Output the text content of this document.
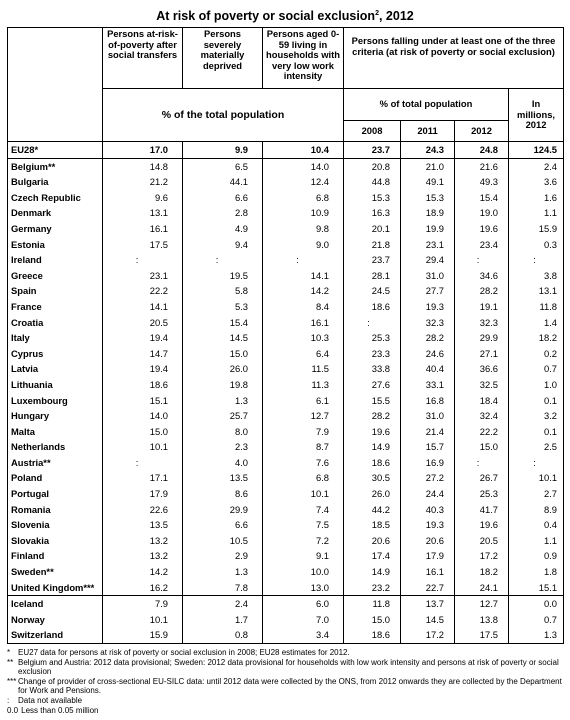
At risk of poverty or social exclusion$^2$, 2012
	Persons at-risk-of-poverty after social transfers	Persons severely materially deprived	Persons aged 0-59 living in households with very low work intensity	Persons falling under at least one of the three criteria (at risk of poverty or social exclusion)			
	% of the total population			% of total population			In millions, 2012
				2008	2011	2012	
EU28*	17.0	9.9	10.4	23.7	24.3	24.8	124.5
Belgium**	14.8	6.5	14.0	20.8	21.0	21.6	2.4
Bulgaria	21.2	44.1	12.4	44.8	49.1	49.3	3.6
Czech Republic	9.6	6.6	6.8	15.3	15.3	15.4	1.6
Denmark	13.1	2.8	10.9	16.3	18.9	19.0	1.1
Germany	16.1	4.9	9.8	20.1	19.9	19.6	15.9
Estonia	17.5	9.4	9.0	21.8	23.1	23.4	0.3
Ireland	:	:	:	23.7	29.4	:	:
Greece	23.1	19.5	14.1	28.1	31.0	34.6	3.8
Spain	22.2	5.8	14.2	24.5	27.7	28.2	13.1
France	14.1	5.3	8.4	18.6	19.3	19.1	11.8
Croatia	20.5	15.4	16.1	:	32.3	32.3	1.4
Italy	19.4	14.5	10.3	25.3	28.2	29.9	18.2
Cyprus	14.7	15.0	6.4	23.3	24.6	27.1	0.2
Latvia	19.4	26.0	11.5	33.8	40.4	36.6	0.7
Lithuania	18.6	19.8	11.3	27.6	33.1	32.5	1.0
Luxembourg	15.1	1.3	6.1	15.5	16.8	18.4	0.1
Hungary	14.0	25.7	12.7	28.2	31.0	32.4	3.2
Malta	15.0	8.0	7.9	19.6	21.4	22.2	0.1
Netherlands	10.1	2.3	8.7	14.9	15.7	15.0	2.5
Austria**	:	4.0	7.6	18.6	16.9	:	:
Poland	17.1	13.5	6.8	30.5	27.2	26.7	10.1
Portugal	17.9	8.6	10.1	26.0	24.4	25.3	2.7
Romania	22.6	29.9	7.4	44.2	40.3	41.7	8.9
Slovenia	13.5	6.6	7.5	18.5	19.3	19.6	0.4
Slovakia	13.2	10.5	7.2	20.6	20.6	20.5	1.1
Finland	13.2	2.9	9.1	17.4	17.9	17.2	0.9
Sweden**	14.2	1.3	10.0	14.9	16.1	18.2	1.8
United Kingdom***	16.2	7.8	13.0	23.2	22.7	24.1	15.1
Iceland	7.9	2.4	6.0	11.8	13.7	12.7	0.0
Norway	10.1	1.7	7.0	15.0	14.5	13.8	0.7
Switzerland	15.9	0.8	3.4	18.6	17.2	17.5	1.3
* EU27 data for persons at risk of poverty or social exclusion in 2008; EU28 estimates for 2012.
** Belgium and Austria: 2012 data provisional; Sweden: 2012 data provisional for households with low work intensity and persons at risk of poverty or social exclusion
*** Change of provider of cross-sectional EU-SILC data: until 2012 data were collected by the ONS, from 2012 onwards they are collected by the Department for Work and Pensions.
:	Data not available
0.0 Less than 0.05 million
